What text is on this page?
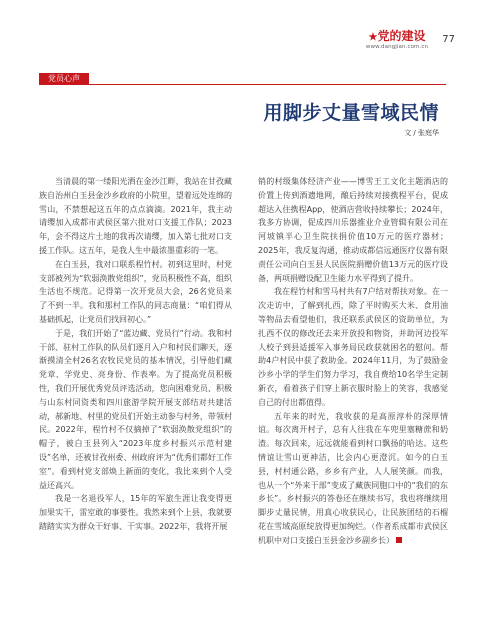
★党的建设
www.dangjian.com.cn
77
党员心声
用脚步丈量雪域民情
文 / 张庭华

当清晨的第一缕阳光洒在金沙江畔，我站在甘孜藏族自治州白玉县金沙乡政府的小院里，望着远处连绵的雪山，不禁想起这五年的点点滴滴。2021年，我主动请缨加入成都市武侯区第六批对口支援工作队；2023年，会不得这片土地的我再次请缨，加入第七批对口支援工作队。这五年，是我人生中最浓墨重彩的一笔。

在白玉县，我对口联系程竹村。初到这里时，村党支部被列为“软弱涣散党组织”，党员积极性不高，组织生活也不规范。记得第一次开党员大会，26名党员来了不到一半。我和那村工作队的同志商量：“咱们得从基础抓起，让党员们找回初心。”

于是，我们开始了“蓝边藏、党员行”行动。我和村干部、驻村工作队的队员们逐月入户和村民们聊天，逐渐摸清全村26名农牧民党员的基本情况，引导他们藏党章、学党史、亮身份、作表率。为了提高党员积极性，我们开展优秀党员评选活动，您向困难党员、积极与山东村同资类和四川旅游学院开展支部结对共建活动，郝新地、村里的党员们开始主动参与村务，带领村民。2022年，程竹村不仅摘掉了“软弱涣散党组织”的帽子，被白玉县列入“2023年度乡村振兴示范村建设”名单，还被甘孜州委、州政府评为“优秀们都好工作室”。看到村党支部焕上新面的变化，我比来到个人受益还高兴。

我是一名退役军人，15年的军旅生涯让我变得更加果实干，雷室敢的事要性。我然来到个上县，我就要踏踏实实为群众干好事、干实事。2022年，我将开展

销的村级集体经济产业——博雪王工文化主题酒店的价置上传到酒遗地网，酿后持续对接携程平台，促成超达入住携程App，使酒店营收持续攀长；2024年，我多方协调，促成四川乐器推业介业管辑有限公司在河坡镇半心卫生院扶捐价值10万元的医疗器材；2025年，我反复沟通，推动成都信远通医疗仪器有限责任公司向白玉县人民医院捐赠价值13万元的医疗设备，两项捐赠设配卫生能力水平得到了提升。

我在程竹村和雪马村共有7户结对帮扶对象。在一次走访中，了解到扎西，除了平时购买大米、食用油等物品去看望他们，我还联系武侯区的资助单位，为扎西不仅的修改还去来开放投和物资，并助河边投军人校子到县适援军入事务局民政获就困名的慰问。帮助4户村民中获了救助金。2024年11月，为了鼓励金沙乡小学的学生们努力学习，我自费给10名学生定制新衣，看着孩子们穿上新衣服时脸上的笑容，我感觉自己的付出都值得。

五年来的时光，我收获的是高原淳朴的深厚情谊。每次离开村子，总有人往我在车兜里塞糖蔗和奶渣。每次回来，远远就能看到村口飘扬的哈达。这些情谊让雪山更神洁，比会内心更澄沉。如今的白玉县，村村通公路，乡乡有产业，人人展笑颜。而我，也从一个“外来干部”变成了藏族同胞口中的“我们的东乡长”。乡村振兴的答卷还在继续书写，我也将继续用脚步丈量民情，用真心收获民心，让民族团结的石榴花在雪域高原绽放得更加绚烂。（作者系成都市武侯区机职中对口支援白玉县金沙乡副乡长）
